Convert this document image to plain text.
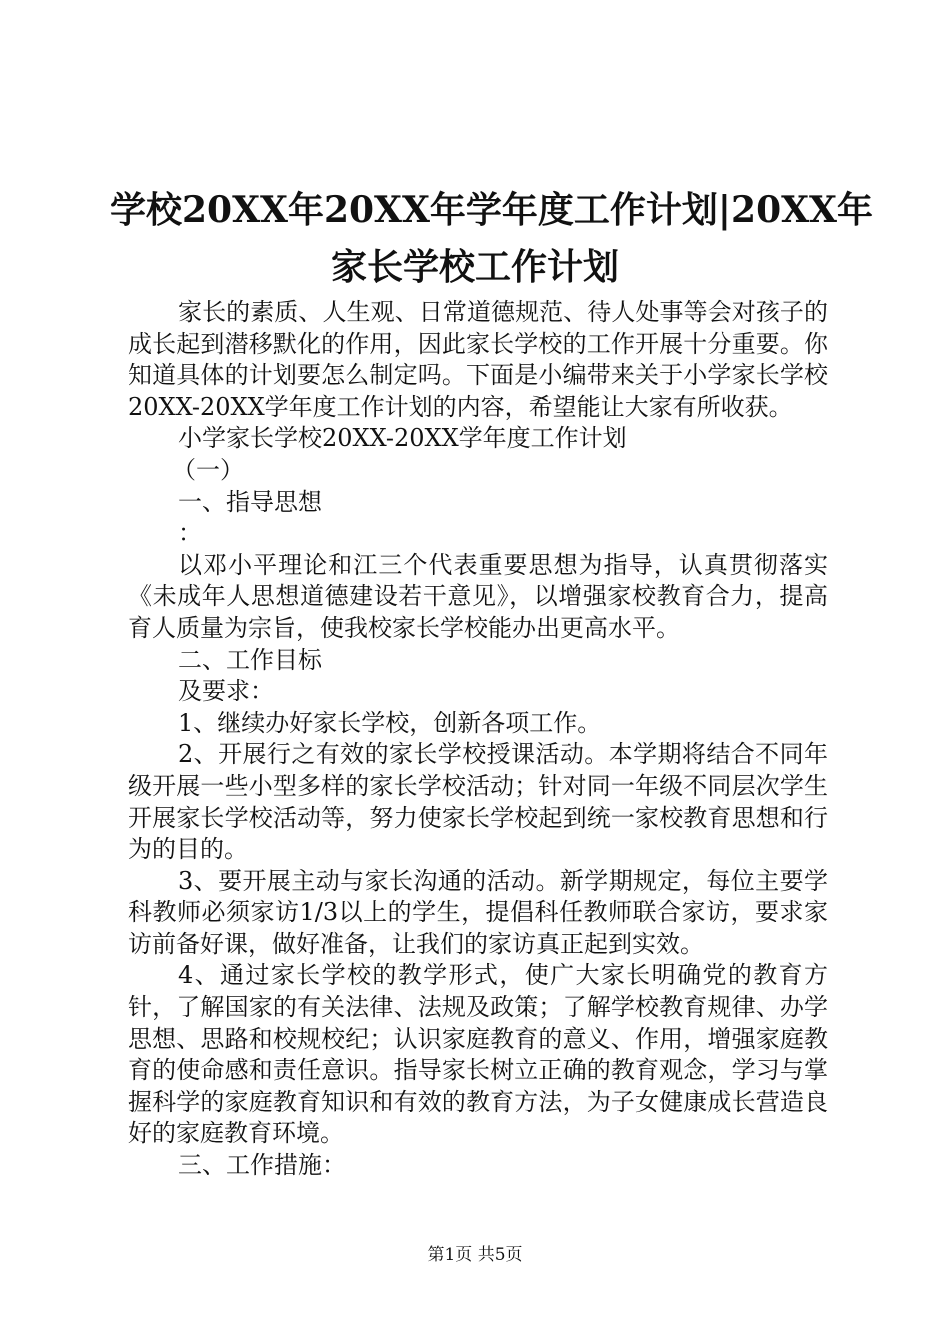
学校20XX年20XX年学年度工作计划|20XX年
家长学校工作计划

家长的素质、人生观、日常道德规范、待人处事等会对孩子的成长起到潜移默化的作用，因此家长学校的工作开展十分重要。你知道具体的计划要怎么制定吗。下面是小编带来关于小学家长学校20XX-20XX学年度工作计划的内容，希望能让大家有所收获。

小学家长学校20XX-20XX学年度工作计划

（一）

一、指导思想

：

以邓小平理论和江三个代表重要思想为指导，认真贯彻落实《未成年人思想道德建设若干意见》，以增强家校教育合力，提高育人质量为宗旨，使我校家长学校能办出更高水平。

二、工作目标

及要求：

1、继续办好家长学校，创新各项工作。

2、开展行之有效的家长学校授课活动。本学期将结合不同年级开展一些小型多样的家长学校活动；针对同一年级不同层次学生开展家长学校活动等，努力使家长学校起到统一家校教育思想和行为的目的。

3、要开展主动与家长沟通的活动。新学期规定，每位主要学科教师必须家访1/3以上的学生，提倡科任教师联合家访，要求家访前备好课，做好准备，让我们的家访真正起到实效。

4、通过家长学校的教学形式，使广大家长明确党的教育方针，了解国家的有关法律、法规及政策；了解学校教育规律、办学思想、思路和校规校纪；认识家庭教育的意义、作用，增强家庭教育的使命感和责任意识。指导家长树立正确的教育观念，学习与掌握科学的家庭教育知识和有效的教育方法，为子女健康成长营造良好的家庭教育环境。

三、工作措施：

第1页 共5页
